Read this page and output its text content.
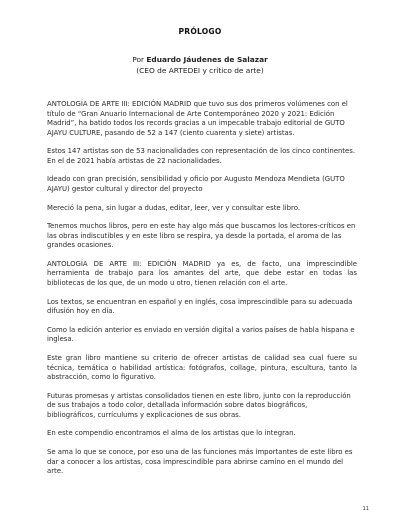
PRÓLOGO
Por Eduardo Jáudenes de Salazar
(CEO de ARTEDEI y crítico de arte)

ANTOLOGÍA DE ARTE III: EDICIÓN MADRID que tuvo sus dos primeros volúmenes con el título de “Gran Anuario Internacional de Arte Contemporáneo 2020 y 2021: Edición Madrid”, ha batido todos los records gracias a un impecable trabajo editorial de GUTO AJAYU CULTURE, pasando de 52 a 147 (ciento cuarenta y siete) artistas.

Estos 147 artistas son de 53 nacionalidades con representación de los cinco continentes. En el de 2021 había artistas de 22 nacionalidades.

Ideado con gran precisión, sensibilidad y oficio por Augusto Mendoza Mendieta (GUTO AJAYU) gestor cultural y director del proyecto

Mereció la pena, sin lugar a dudas, editar, leer, ver y consultar este libro.

Tenemos muchos libros, pero en este hay algo más que buscamos los lectores-críticos en las obras indiscutibles y en este libro se respira, ya desde la portada, el aroma de las grandes ocasiones.

ANTOLOGÍA DE ARTE III: EDICIÓN MADRID ya es, de facto, una imprescindible herramienta de trabajo para los amantes del arte, que debe estar en todas las bibliotecas de los que, de un modo u otro, tienen relación con el arte.

Los textos, se encuentran en español y en inglés, cosa imprescindible para su adecuada difusión hoy en día.

Como la edición anterior es enviado en versión digital a varios países de habla hispana e inglesa.

Este gran libro mantiene su criterio de ofrecer artistas de calidad sea cual fuere su técnica, temática o habilidad artística: fotógrafos, collage, pintura, escultura, tanto la abstracción, como lo figurativo.

Futuras promesas y artistas consolidados tienen en este libro, junto con la reproducción de sus trabajos a todo color, detallada información sobre datos biográficos, bibliográficos, currículums y explicaciones de sus obras.

En este compendio encontramos el alma de los artistas que lo integran.

Se ama lo que se conoce, por eso una de las funciones más importantes de este libro es dar a conocer a los artistas, cosa imprescindible para abrirse camino en el mundo del arte.

11
